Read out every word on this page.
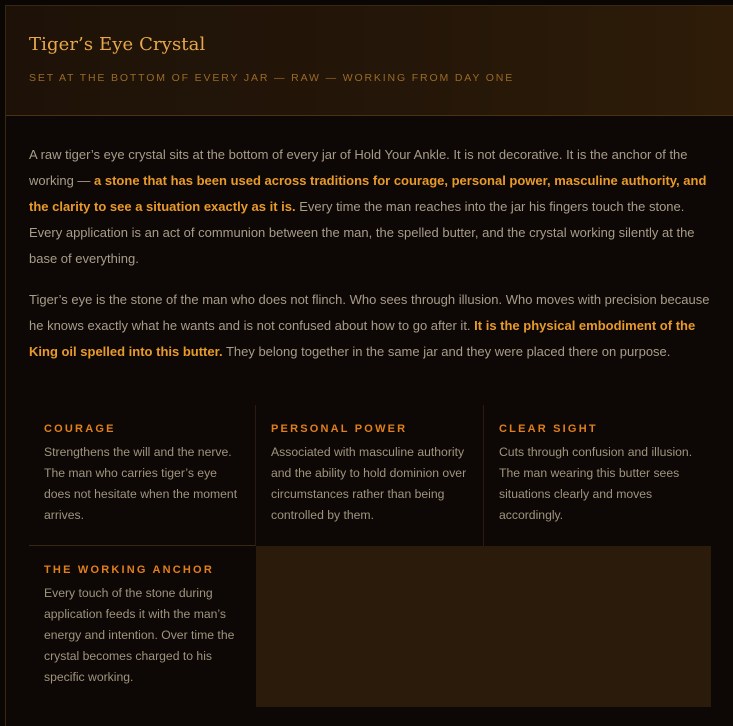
Tiger’s Eye Crystal
SET AT THE BOTTOM OF EVERY JAR — RAW — WORKING FROM DAY ONE

A raw tiger’s eye crystal sits at the bottom of every jar of Hold Your Ankle. It is not decorative. It is the anchor of the working — a stone that has been used across traditions for courage, personal power, masculine authority, and the clarity to see a situation exactly as it is. Every time the man reaches into the jar his fingers touch the stone. Every application is an act of communion between the man, the spelled butter, and the crystal working silently at the base of everything.

Tiger’s eye is the stone of the man who does not flinch. Who sees through illusion. Who moves with precision because he knows exactly what he wants and is not confused about how to go after it. It is the physical embodiment of the King oil spelled into this butter. They belong together in the same jar and they were placed there on purpose.

COURAGE
Strengthens the will and the nerve. The man who carries tiger’s eye does not hesitate when the moment arrives.
PERSONAL POWER
Associated with masculine authority and the ability to hold dominion over circumstances rather than being controlled by them.
CLEAR SIGHT
Cuts through confusion and illusion. The man wearing this butter sees situations clearly and moves accordingly.
THE WORKING ANCHOR
Every touch of the stone during application feeds it with the man’s energy and intention. Over time the crystal becomes charged to his specific working.
